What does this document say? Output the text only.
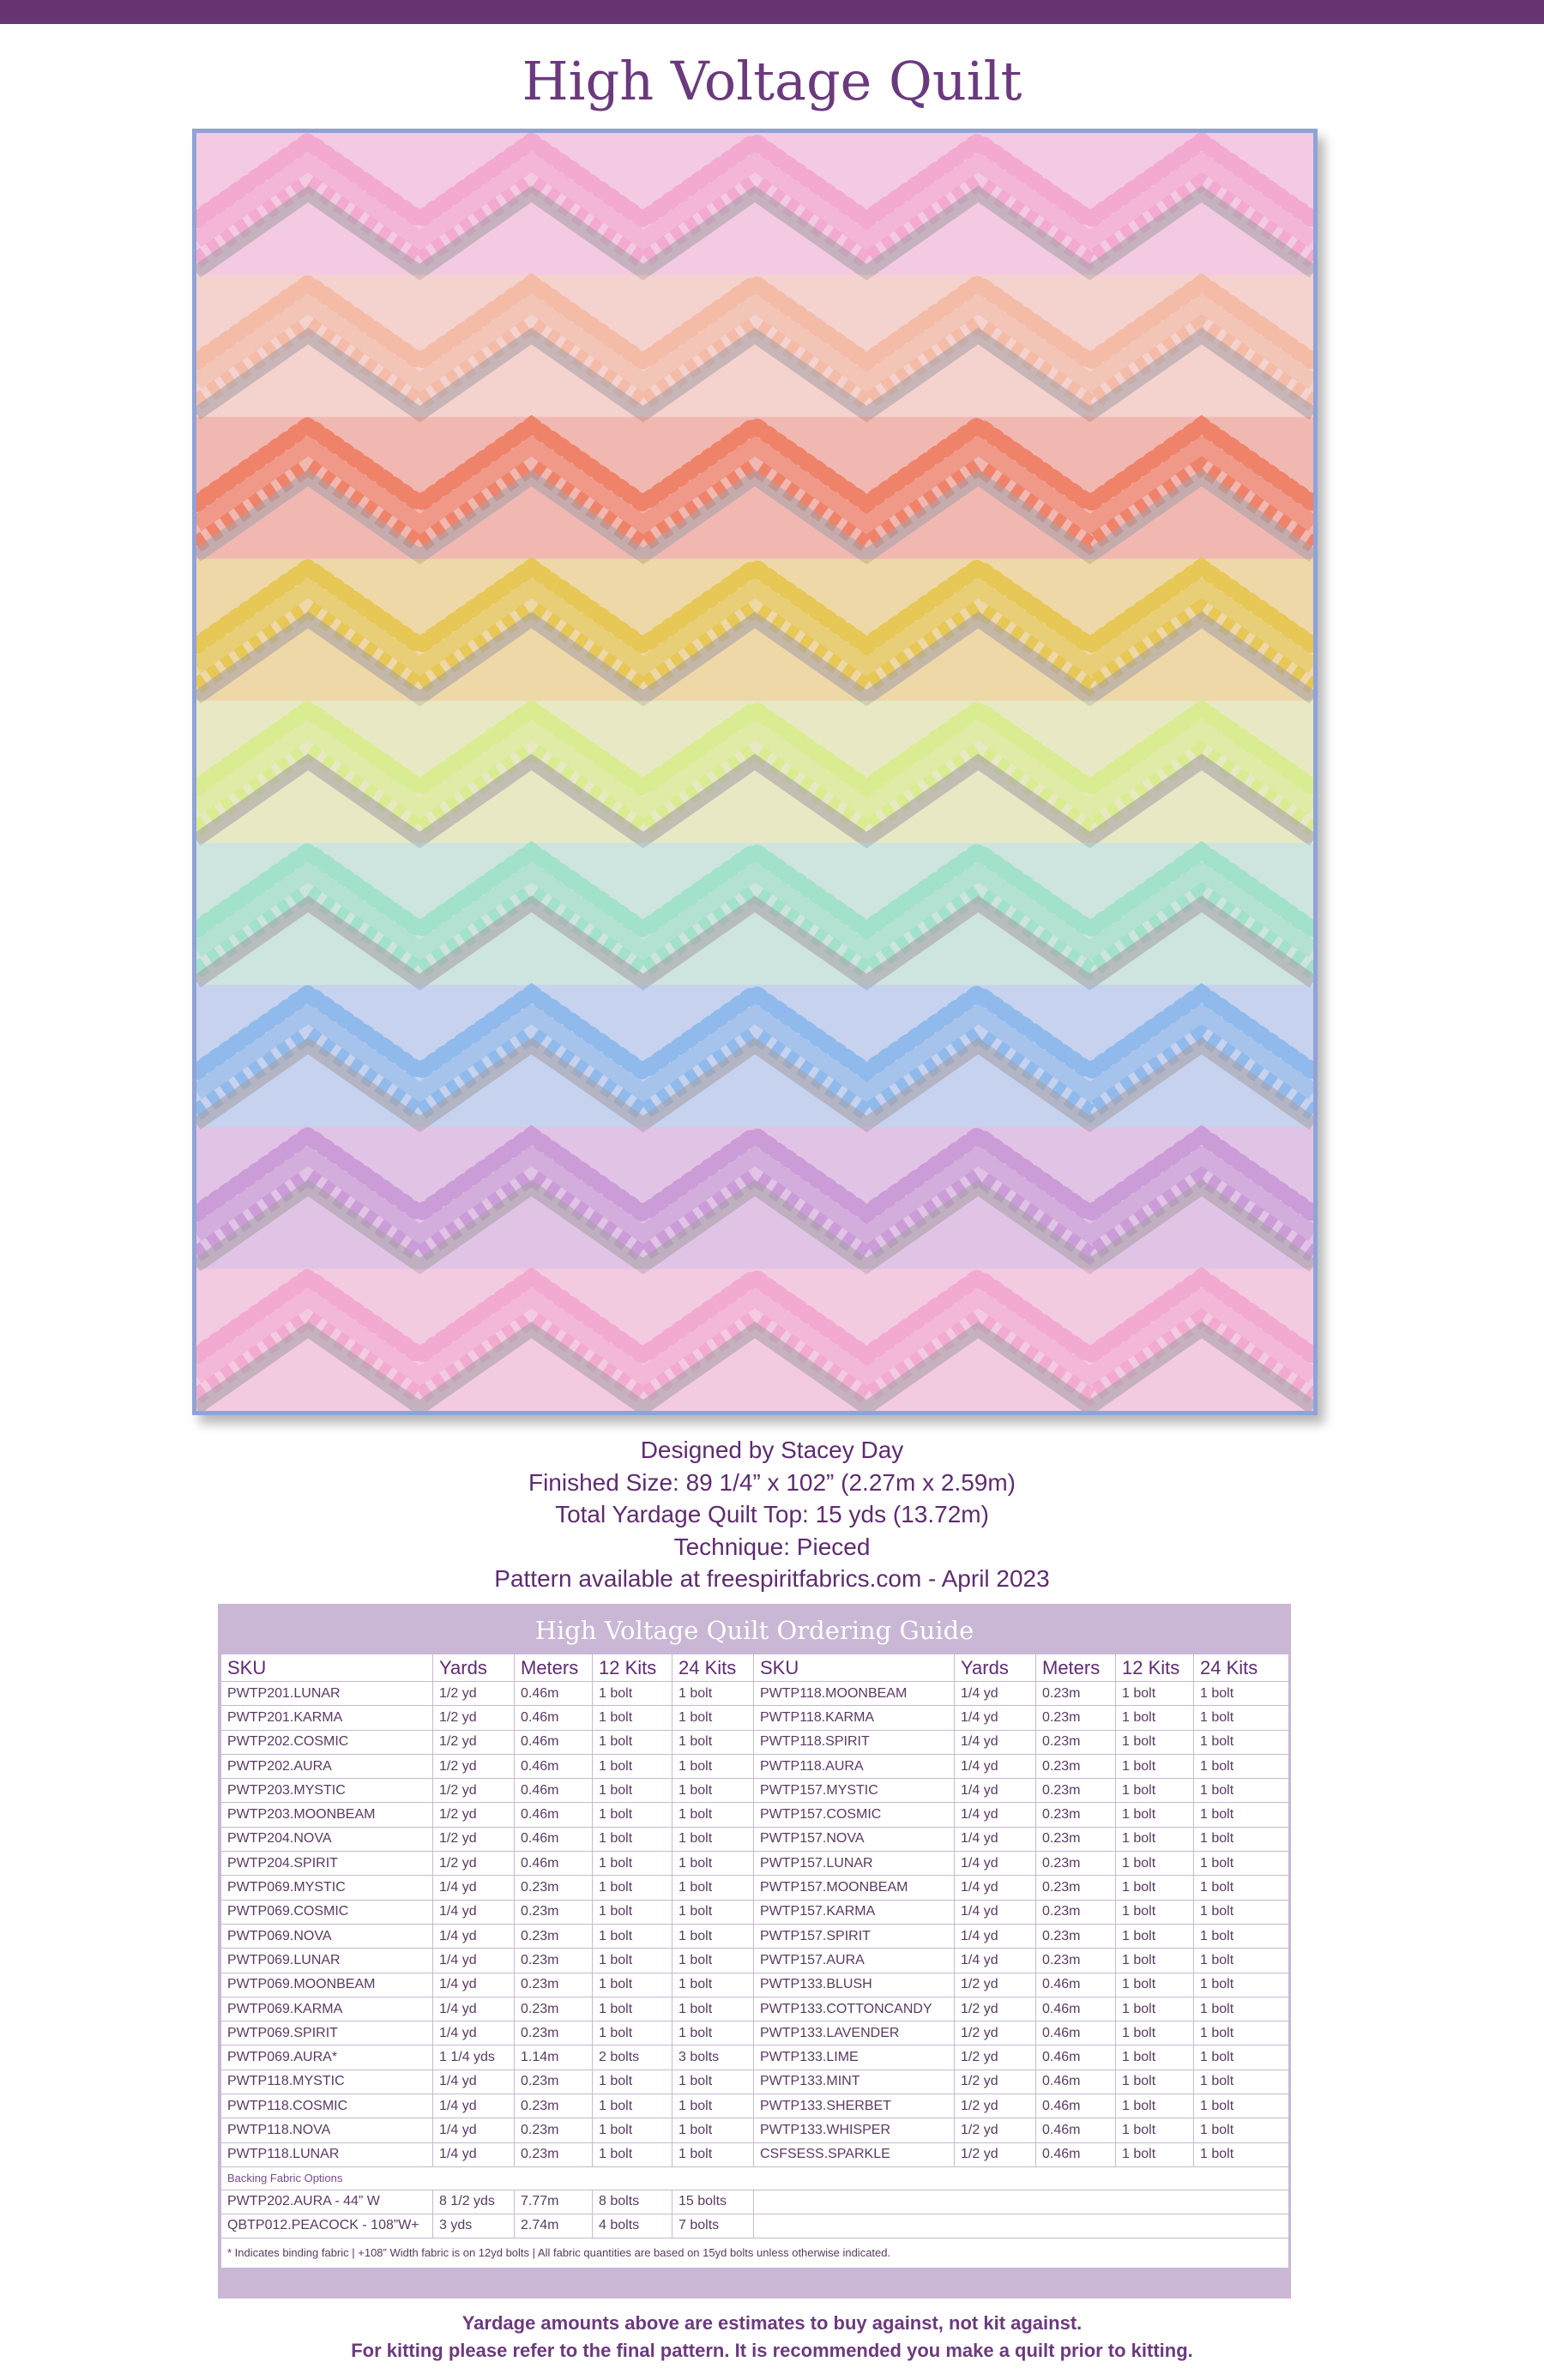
High Voltage Quilt
Designed by Stacey Day
Finished Size: 89 1/4” x 102” (2.27m x 2.59m)
Total Yardage Quilt Top: 15 yds (13.72m)
Technique: Pieced
Pattern available at freespiritfabrics.com - April 2023
High Voltage Quilt Ordering Guide
SKU	Yards	Meters	12 Kits	24 Kits	SKU	Yards	Meters	12 Kits	24 Kits
PWTP201.LUNAR	1/2 yd	0.46m	1 bolt	1 bolt	PWTP118.MOONBEAM	1/4 yd	0.23m	1 bolt	1 bolt
PWTP201.KARMA	1/2 yd	0.46m	1 bolt	1 bolt	PWTP118.KARMA	1/4 yd	0.23m	1 bolt	1 bolt
PWTP202.COSMIC	1/2 yd	0.46m	1 bolt	1 bolt	PWTP118.SPIRIT	1/4 yd	0.23m	1 bolt	1 bolt
PWTP202.AURA	1/2 yd	0.46m	1 bolt	1 bolt	PWTP118.AURA	1/4 yd	0.23m	1 bolt	1 bolt
PWTP203.MYSTIC	1/2 yd	0.46m	1 bolt	1 bolt	PWTP157.MYSTIC	1/4 yd	0.23m	1 bolt	1 bolt
PWTP203.MOONBEAM	1/2 yd	0.46m	1 bolt	1 bolt	PWTP157.COSMIC	1/4 yd	0.23m	1 bolt	1 bolt
PWTP204.NOVA	1/2 yd	0.46m	1 bolt	1 bolt	PWTP157.NOVA	1/4 yd	0.23m	1 bolt	1 bolt
PWTP204.SPIRIT	1/2 yd	0.46m	1 bolt	1 bolt	PWTP157.LUNAR	1/4 yd	0.23m	1 bolt	1 bolt
PWTP069.MYSTIC	1/4 yd	0.23m	1 bolt	1 bolt	PWTP157.MOONBEAM	1/4 yd	0.23m	1 bolt	1 bolt
PWTP069.COSMIC	1/4 yd	0.23m	1 bolt	1 bolt	PWTP157.KARMA	1/4 yd	0.23m	1 bolt	1 bolt
PWTP069.NOVA	1/4 yd	0.23m	1 bolt	1 bolt	PWTP157.SPIRIT	1/4 yd	0.23m	1 bolt	1 bolt
PWTP069.LUNAR	1/4 yd	0.23m	1 bolt	1 bolt	PWTP157.AURA	1/4 yd	0.23m	1 bolt	1 bolt
PWTP069.MOONBEAM	1/4 yd	0.23m	1 bolt	1 bolt	PWTP133.BLUSH	1/2 yd	0.46m	1 bolt	1 bolt
PWTP069.KARMA	1/4 yd	0.23m	1 bolt	1 bolt	PWTP133.COTTONCANDY	1/2 yd	0.46m	1 bolt	1 bolt
PWTP069.SPIRIT	1/4 yd	0.23m	1 bolt	1 bolt	PWTP133.LAVENDER	1/2 yd	0.46m	1 bolt	1 bolt
PWTP069.AURA*	1 1/4 yds	1.14m	2 bolts	3 bolts	PWTP133.LIME	1/2 yd	0.46m	1 bolt	1 bolt
PWTP118.MYSTIC	1/4 yd	0.23m	1 bolt	1 bolt	PWTP133.MINT	1/2 yd	0.46m	1 bolt	1 bolt
PWTP118.COSMIC	1/4 yd	0.23m	1 bolt	1 bolt	PWTP133.SHERBET	1/2 yd	0.46m	1 bolt	1 bolt
PWTP118.NOVA	1/4 yd	0.23m	1 bolt	1 bolt	PWTP133.WHISPER	1/2 yd	0.46m	1 bolt	1 bolt
PWTP118.LUNAR	1/4 yd	0.23m	1 bolt	1 bolt	CSFSESS.SPARKLE	1/2 yd	0.46m	1 bolt	1 bolt
Backing Fabric Options									
PWTP202.AURA - 44” W	8 1/2 yds	7.77m	8 bolts	15 bolts					
QBTP012.PEACOCK - 108”W+	3 yds	2.74m	4 bolts	7 bolts					
* Indicates binding fabric | +108” Width fabric is on 12yd bolts | All fabric quantities are based on 15yd bolts unless otherwise indicated.									
Yardage amounts above are estimates to buy against, not kit against.
For kitting please refer to the final pattern. It is recommended you make a quilt prior to kitting.
